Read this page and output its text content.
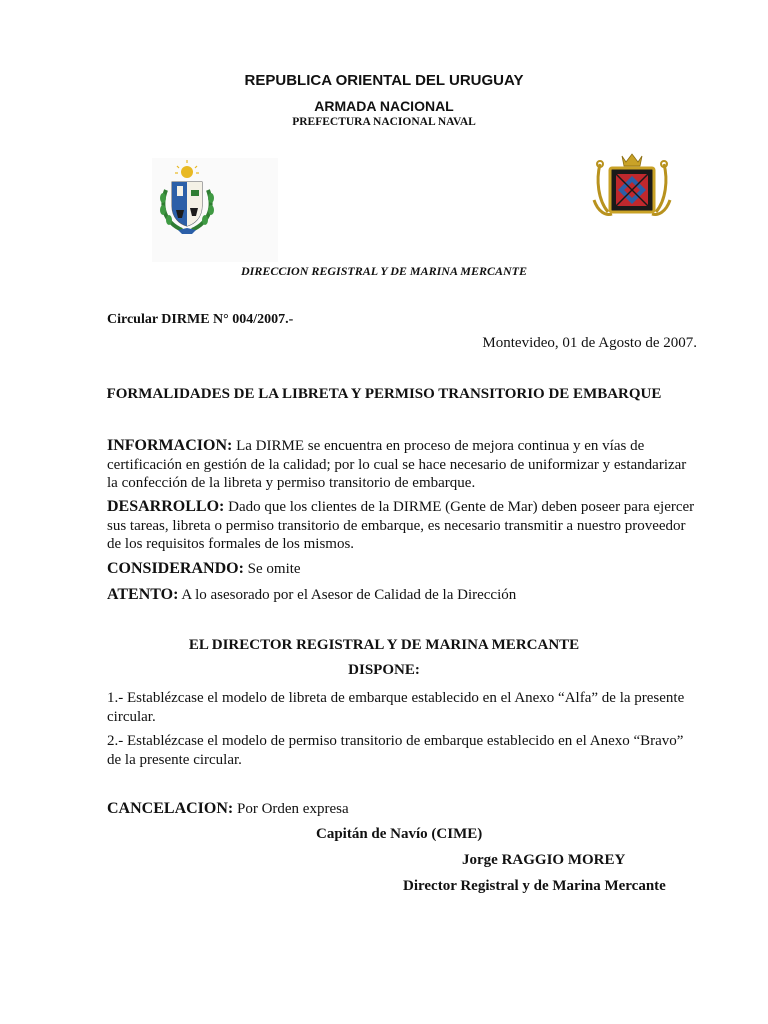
REPUBLICA ORIENTAL DEL URUGUAY
ARMADA NACIONAL
PREFECTURA NACIONAL NAVAL
DIRECCION REGISTRAL Y DE MARINA MERCANTE
Circular DIRME N° 004/2007.-
Montevideo, 01 de Agosto de 2007.
FORMALIDADES DE LA LIBRETA Y PERMISO TRANSITORIO DE EMBARQUE
INFORMACION: La DIRME se encuentra en proceso de mejora continua y en vías de
certificación en gestión de la calidad; por lo cual se hace necesario de uniformizar y estandarizar
la confección de la libreta y permiso transitorio de embarque.
DESARROLLO: Dado que los clientes de la DIRME (Gente de Mar) deben poseer para ejercer
sus tareas, libreta o permiso transitorio de embarque, es necesario transmitir a nuestro proveedor
de los requisitos formales de los mismos.
CONSIDERANDO: Se omite
ATENTO: A lo asesorado por el Asesor de Calidad de la Dirección
EL DIRECTOR REGISTRAL Y DE MARINA MERCANTE
DISPONE:
1.- Establézcase el modelo de libreta de embarque establecido en el Anexo “Alfa” de la presente
circular.
2.- Establézcase el modelo de permiso transitorio de embarque establecido en el Anexo “Bravo”
de la presente circular.
CANCELACION: Por Orden expresa
Capitán de Navío (CIME)
Jorge RAGGIO MOREY
Director Registral y de Marina Mercante
